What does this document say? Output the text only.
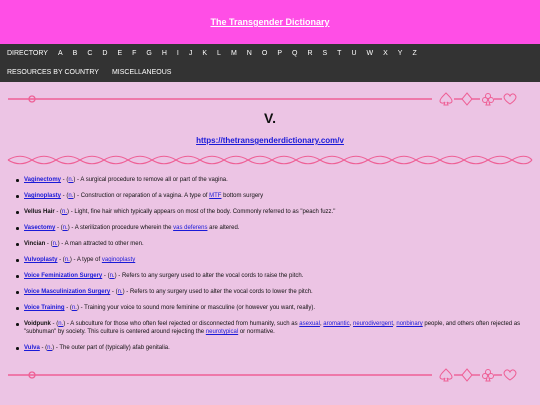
The Transgender Dictionary
DIRECTORY A B C D E F G H I J K L M N O P Q R S T U W X Y Z
RESOURCES BY COUNTRY MISCELLANEOUS
V.
https://thetransgenderdictionary.com/v
Vaginectomy - (n.) - A surgical procedure to remove all or part of the vagina.
Vaginoplasty - (n.) - Construction or reparation of a vagina. A type of MTF bottom surgery
Vellus Hair - (n.) - Light, fine hair which typically appears on most of the body. Commonly referred to as "peach fuzz."
Vasectomy - (n.) - A sterilization procedure wherein the vas deferens are altered.
Vincian - (n.) - A man attracted to other men.
Vulvoplasty - (n.) - A type of vaginoplasty
Voice Feminization Surgery - (n.) - Refers to any surgery used to alter the vocal cords to raise the pitch.
Voice Masculinization Surgery - (n.) - Refers to any surgery used to alter the vocal cords to lower the pitch.
Voice Training - (n.) - Training your voice to sound more feminine or masculine (or however you want, really).
Voidpunk - (n.) - A subculture for those who often feel rejected or disconnected from humanity, such as asexual, aromantic, neurodivergent, nonbinary people, and others often rejected as "subhuman" by society. This culture is centered around rejecting the neurotypical or normative.
Vulva - (n.) - The outer part of (typically) afab genitalia.
